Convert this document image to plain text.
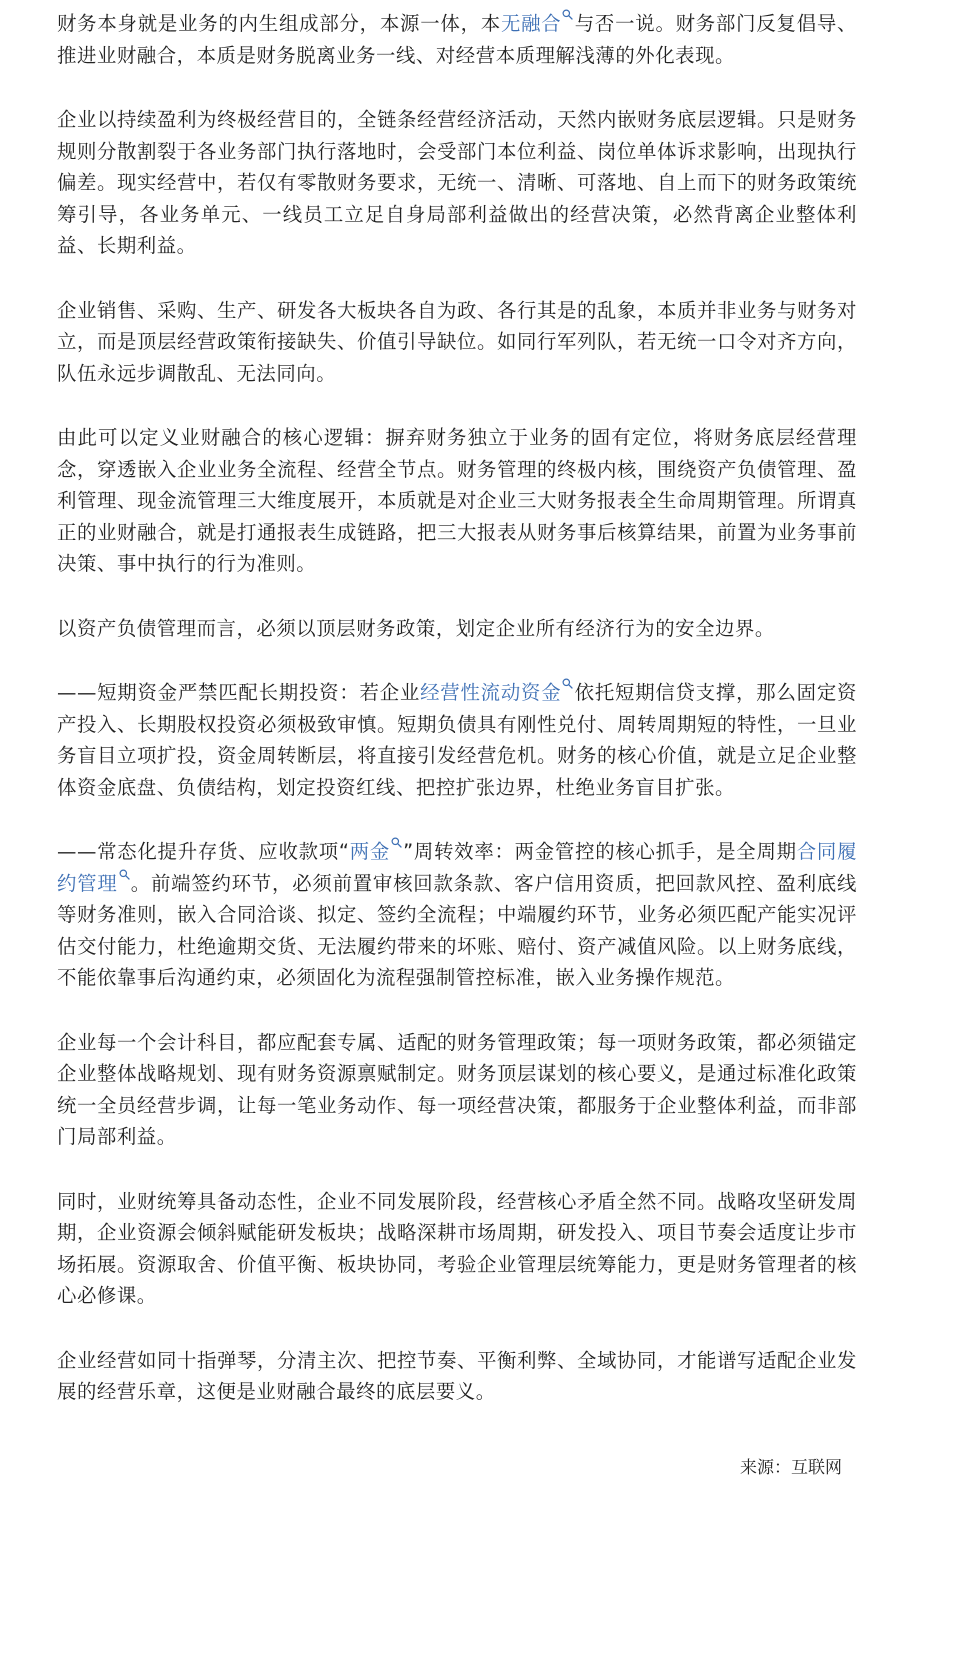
财务本身就是业务的内生组成部分，本源一体，本无融合 与否一说。财务部门反复倡导、推进业财融合，本质是财务脱离业务一线、对经营本质理解浅薄的外化表现。

企业以持续盈利为终极经营目的，全链条经营经济活动，天然内嵌财务底层逻辑。只是财务规则分散割裂于各业务部门执行落地时，会受部门本位利益、岗位单体诉求影响，出现执行偏差。现实经营中，若仅有零散财务要求，无统一、清晰、可落地、自上而下的财务政策统筹引导，各业务单元、一线员工立足自身局部利益做出的经营决策，必然背离企业整体利益、长期利益。

企业销售、采购、生产、研发各大板块各自为政、各行其是的乱象，本质并非业务与财务对立，而是顶层经营政策衔接缺失、价值引导缺位。如同行军列队，若无统一口令对齐方向，队伍永远步调散乱、无法同向。

由此可以定义业财融合的核心逻辑：摒弃财务独立于业务的固有定位，将财务底层经营理念，穿透嵌入企业业务全流程、经营全节点。财务管理的终极内核，围绕资产负债管理、盈利管理、现金流管理三大维度展开，本质就是对企业三大财务报表全生命周期管理。所谓真正的业财融合，就是打通报表生成链路，把三大报表从财务事后核算结果，前置为业务事前决策、事中执行的行为准则。

以资产负债管理而言，必须以顶层财务政策，划定企业所有经济行为的安全边界。

——短期资金严禁匹配长期投资：若企业经营性流动资金 依托短期信贷支撑，那么固定资产投入、长期股权投资必须极致审慎。短期负债具有刚性兑付、周转周期短的特性，一旦业务盲目立项扩投，资金周转断层，将直接引发经营危机。财务的核心价值，就是立足企业整体资金底盘、负债结构，划定投资红线、把控扩张边界，杜绝业务盲目扩张。

——常态化提升存货、应收款项“两金 ”周转效率：两金管控的核心抓手，是全周期合同履约管理 。前端签约环节，必须前置审核回款条款、客户信用资质，把回款风控、盈利底线等财务准则，嵌入合同洽谈、拟定、签约全流程；中端履约环节，业务必须匹配产能实况评估交付能力，杜绝逾期交货、无法履约带来的坏账、赔付、资产减值风险。以上财务底线，不能依靠事后沟通约束，必须固化为流程强制管控标准，嵌入业务操作规范。

企业每一个会计科目，都应配套专属、适配的财务管理政策；每一项财务政策，都必须锚定企业整体战略规划、现有财务资源禀赋制定。财务顶层谋划的核心要义，是通过标准化政策统一全员经营步调，让每一笔业务动作、每一项经营决策，都服务于企业整体利益，而非部门局部利益。

同时，业财统筹具备动态性，企业不同发展阶段，经营核心矛盾全然不同。战略攻坚研发周期，企业资源会倾斜赋能研发板块；战略深耕市场周期，研发投入、项目节奏会适度让步市场拓展。资源取舍、价值平衡、板块协同，考验企业管理层统筹能力，更是财务管理者的核心必修课。

企业经营如同十指弹琴，分清主次、把控节奏、平衡利弊、全域协同，才能谱写适配企业发展的经营乐章，这便是业财融合最终的底层要义。

来源：互联网
